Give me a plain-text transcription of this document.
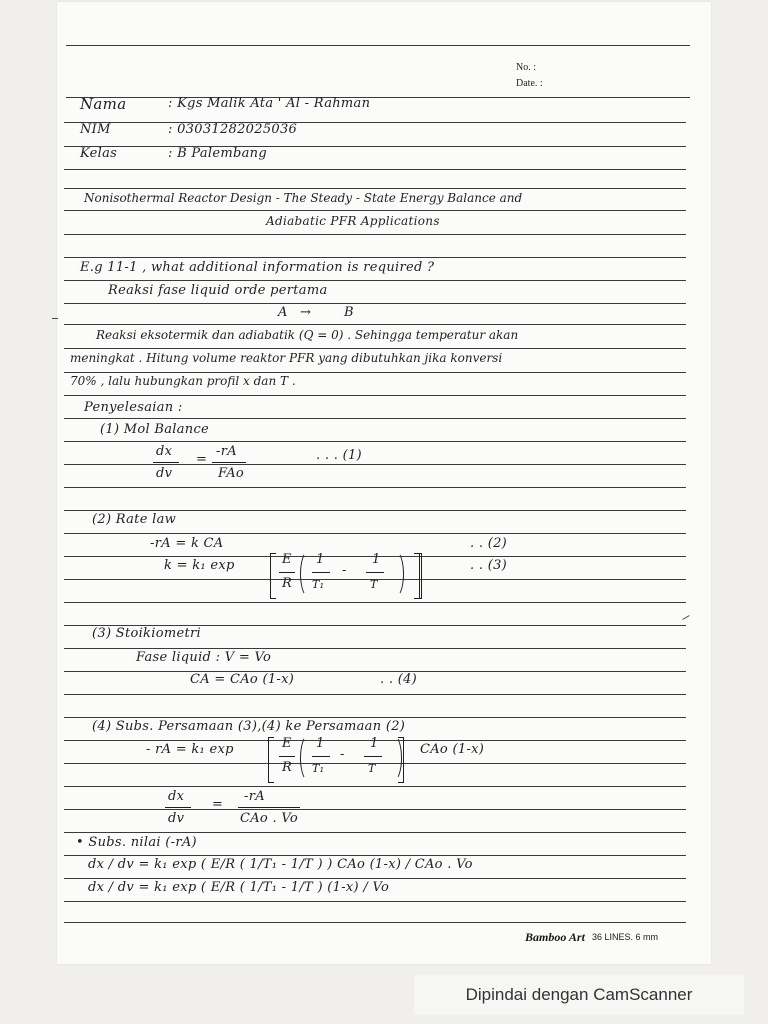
No. :
Date. :
Nama	: Kgs Malik Ata ' Al - Rahman
NIM	: 03031282025036
Kelas	: B Palembang
Nonisothermal Reactor Design - The Steady - State Energy Balance and
Adiabatic PFR Applications
E.g 11-1 , what additional information is required ?
Reaksi fase liquid orde pertama
A →	B
Reaksi eksotermik dan adiabatik (Q = 0) . Sehingga temperatur akan
meningkat . Hitung volume reaktor PFR yang dibutuhkan jika konversi
70% , lalu hubungkan profil x dan T .
Penyelesaian :
(1) Mol Balance
dx
dv
=
-rA
FAo
. . . (1)
(2) Rate law
-rA = k CA	. . (2)
k = k₁ exp	E
R
1
T₁
-
1
T
. . (3)
(3) Stoikiometri
Fase liquid : V = Vo
CA = CAo (1-x)	. . (4)
(4) Subs. Persamaan (3),(4) ke Persamaan (2)
- rA = k₁ exp	E
R
1
T₁
-
1
T
CAo (1-x)
dx
dv
=
-rA
CAo . Vo
• Subs. nilai (-rA)
dx / dv = k₁ exp ( E/R ( 1/T₁ - 1/T ) ) CAo (1-x) / CAo . Vo
dx / dv = k₁ exp ( E/R ( 1/T₁ - 1/T ) (1-x) / Vo
Bamboo Art 36 LINES. 6 mm
Dipindai dengan CamScanner
